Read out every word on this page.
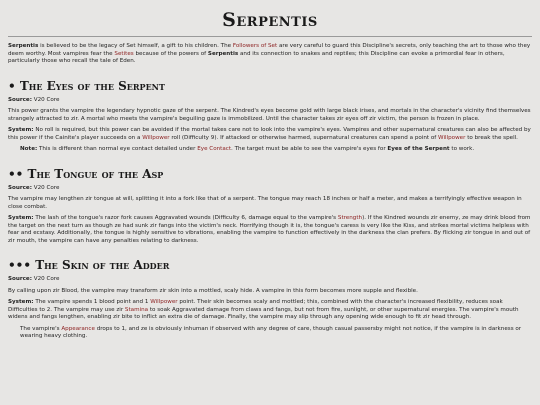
Serpentis

Serpentis is believed to be the legacy of Set himself, a gift to his children. The Followers of Set are very careful to guard this Discipline's secrets, only teaching the art to those who they deem worthy. Most vampires fear the Setites because of the powers of Serpentis and its connection to snakes and reptiles; this Discipline can evoke a primordial fear in others, particularly those who recall the tale of Eden.

• The Eyes of the Serpent

Source: V20 Core

This power grants the vampire the legendary hypnotic gaze of the serpent. The Kindred's eyes become gold with large black irises, and mortals in the character's vicinity find themselves strangely attracted to zir. A mortal who meets the vampire's beguiling gaze is immobilized. Until the character takes zir eyes off zir victim, the person is frozen in place.

System: No roll is required, but this power can be avoided if the mortal takes care not to look into the vampire's eyes. Vampires and other supernatural creatures can also be affected by this power if the Cainite's player succeeds on a Willpower roll (Difficulty 9). If attacked or otherwise harmed, supernatural creatures can spend a point of Willpower to break the spell.

Note: This is different than normal eye contact detailed under Eye Contact. The target must be able to see the vampire's eyes for Eyes of the Serpent to work.

•• The Tongue of the Asp

Source: V20 Core

The vampire may lengthen zir tongue at will, splitting it into a fork like that of a serpent. The tongue may reach 18 inches or half a meter, and makes a terrifyingly effective weapon in close combat.

System: The lash of the tongue's razor fork causes Aggravated wounds (Difficulty 6, damage equal to the vampire's Strength). If the Kindred wounds zir enemy, ze may drink blood from the target on the next turn as though ze had sunk zir fangs into the victim's neck. Horrifying though it is, the tongue's caress is very like the Kiss, and strikes mortal victims helpless with fear and ecstasy. Additionally, the tongue is highly sensitive to vibrations, enabling the vampire to function effectively in the darkness the clan prefers. By flicking zir tongue in and out of zir mouth, the vampire can have any penalties relating to darkness.

••• The Skin of the Adder

Source: V20 Core

By calling upon zir Blood, the vampire may transform zir skin into a mottled, scaly hide. A vampire in this form becomes more supple and flexible.

System: The vampire spends 1 blood point and 1 Willpower point. Their skin becomes scaly and mottled; this, combined with the character's increased flexibility, reduces soak Difficulties to 2. The vampire may use zir Stamina to soak Aggravated damage from claws and fangs, but not from fire, sunlight, or other supernatural energies. The vampire's mouth widens and fangs lengthen, enabling zir bite to inflict an extra die of damage. Finally, the vampire may slip through any opening wide enough to fit zir head through.

The vampire's Appearance drops to 1, and ze is obviously inhuman if observed with any degree of care, though casual passersby might not notice, if the vampire is in darkness or wearing heavy clothing.
